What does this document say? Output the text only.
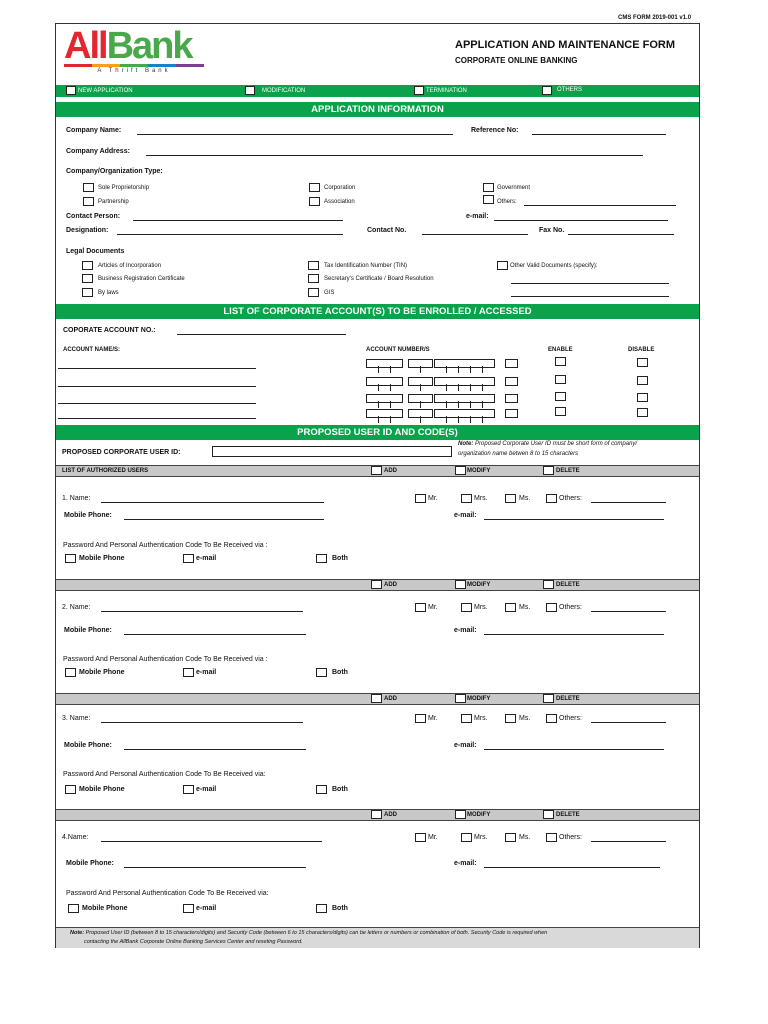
CMS FORM 2019-001 v1.0
AllBank
A Thrift Bank
APPLICATION AND MAINTENANCE FORM
CORPORATE ONLINE BANKING
NEW APPLICATION	MODIFICATION	TERMINATION	OTHERS
APPLICATION INFORMATION
Company Name:	Reference No:
Company Address:
Company/Organization Type:
Sole Proprietorship
Partnership
Corporation
Association
Government
Others:
Contact Person:	e-mail:
Designation:	Contact No.	Fax No.
Legal Documents
Articles of Incorporation
Business Registration Certificate
By laws
Tax Identification Number (TIN)
Secretary's Certificate / Board Resolution
GIS
Other Valid Documents (specify):
LIST OF CORPORATE ACCOUNT(S) TO BE ENROLLED / ACCESSED
COPORATE ACCOUNT NO.:
ACCOUNT NAME/S:	ACCOUNT NUMBER/S	ENABLE	DISABLE
PROPOSED USER ID AND CODE(S)
PROPOSED CORPORATE USER ID:
Note: Proposed Corporate User ID must be short form of company/
organization name betwen 8 to 15 characters
LIST OF AUTHORIZED USERS	ADD	MODIFY	DELETE
1. Name:	Mr.	Mrs.	Ms.	Others:
Mobile Phone:	e-mail:
Password And Personal Authentication Code To Be Received via :
Mobile Phone	e-mail	Both
ADD	MODIFY	DELETE
2. Name:	Mr.	Mrs.	Ms.	Others:
Mobile Phone:	e-mail:
Password And Personal Authentication Code To Be Received via :
Mobile Phone	e-mail	Both
ADD	MODIFY	DELETE
3. Name:	Mr.	Mrs.	Ms.	Others:
Mobile Phone:	e-mail:
Password And Personal Authentication Code To Be Received via:
Mobile Phone	e-mail	Both
ADD	MODIFY	DELETE
4.Name:	Mr.	Mrs.	Ms.	Others:
Mobile Phone:	e-mail:
Password And Personal Authentication Code To Be Received via:
Mobile Phone	e-mail	Both
Note: Proposed User ID (between 8 to 15 characters/digits) and Security Code (between 6 to 15 characters/digits) can be letters or numbers or combination of both. Security Code is required when
contacting the AllBank Corporate Online Banking Services Center and reseting Password.
